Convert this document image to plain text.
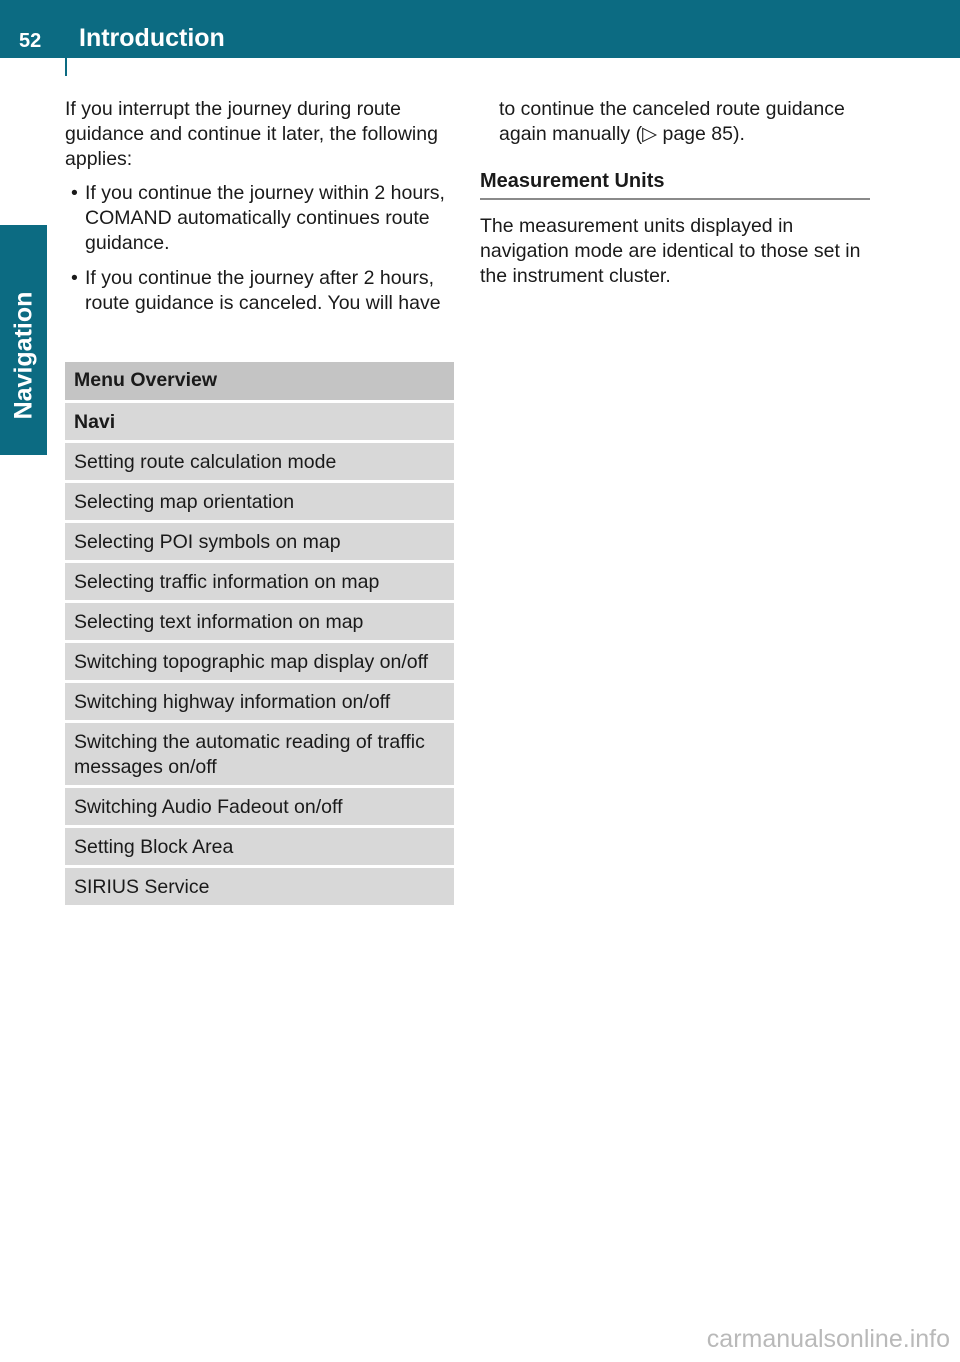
52 Introduction
Navigation

If you interrupt the journey during route guidance and continue it later, the following applies:

• If you continue the journey within 2 hours, COMAND automatically continues route guidance.
• If you continue the journey after 2 hours, route guidance is canceled. You will have
Menu Overview
Navi
Setting route calculation mode
Selecting map orientation
Selecting POI symbols on map
Selecting traffic information on map
Selecting text information on map
Switching topographic map display on/off
Switching highway information on/off
Switching the automatic reading of traffic messages on/off
Switching Audio Fadeout on/off
Setting Block Area
SIRIUS Service

to continue the canceled route guidance again manually (▷ page 85).

Measurement Units

The measurement units displayed in navigation mode are identical to those set in the instrument cluster.

carmanualsonline.info
